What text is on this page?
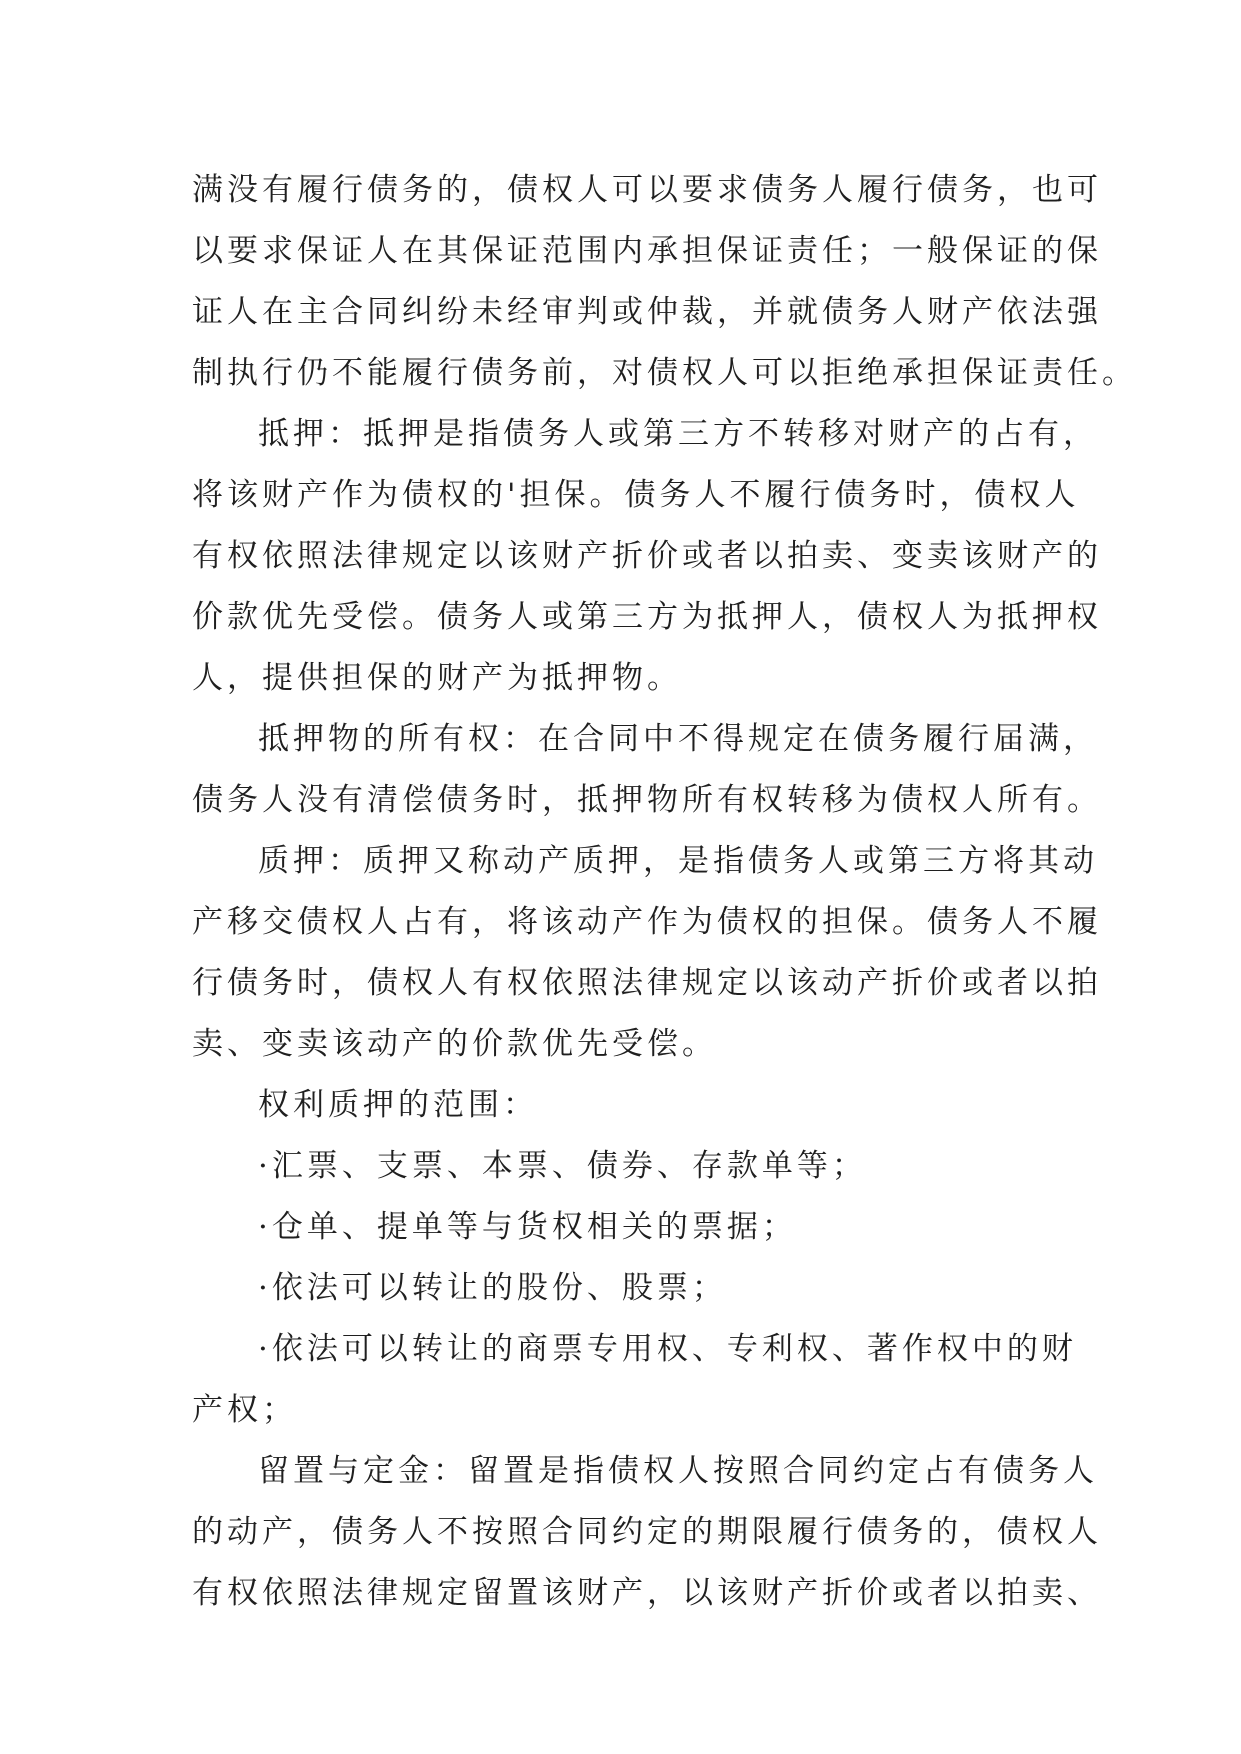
满没有履行债务的，债权人可以要求债务人履行债务，也可
以要求保证人在其保证范围内承担保证责任；一般保证的保
证人在主合同纠纷未经审判或仲裁，并就债务人财产依法强
制执行仍不能履行债务前，对债权人可以拒绝承担保证责任。
抵押：抵押是指债务人或第三方不转移对财产的占有，
将该财产作为债权的'担保。债务人不履行债务时，债权人
有权依照法律规定以该财产折价或者以拍卖、变卖该财产的
价款优先受偿。债务人或第三方为抵押人，债权人为抵押权
人，提供担保的财产为抵押物。
抵押物的所有权：在合同中不得规定在债务履行届满，
债务人没有清偿债务时，抵押物所有权转移为债权人所有。
质押：质押又称动产质押，是指债务人或第三方将其动
产移交债权人占有，将该动产作为债权的担保。债务人不履
行债务时，债权人有权依照法律规定以该动产折价或者以拍
卖、变卖该动产的价款优先受偿。
权利质押的范围：
·汇票、支票、本票、债券、存款单等；
·仓单、提单等与货权相关的票据；
·依法可以转让的股份、股票；
·依法可以转让的商票专用权、专利权、著作权中的财
产权；
留置与定金：留置是指债权人按照合同约定占有债务人
的动产，债务人不按照合同约定的期限履行债务的，债权人
有权依照法律规定留置该财产，以该财产折价或者以拍卖、
